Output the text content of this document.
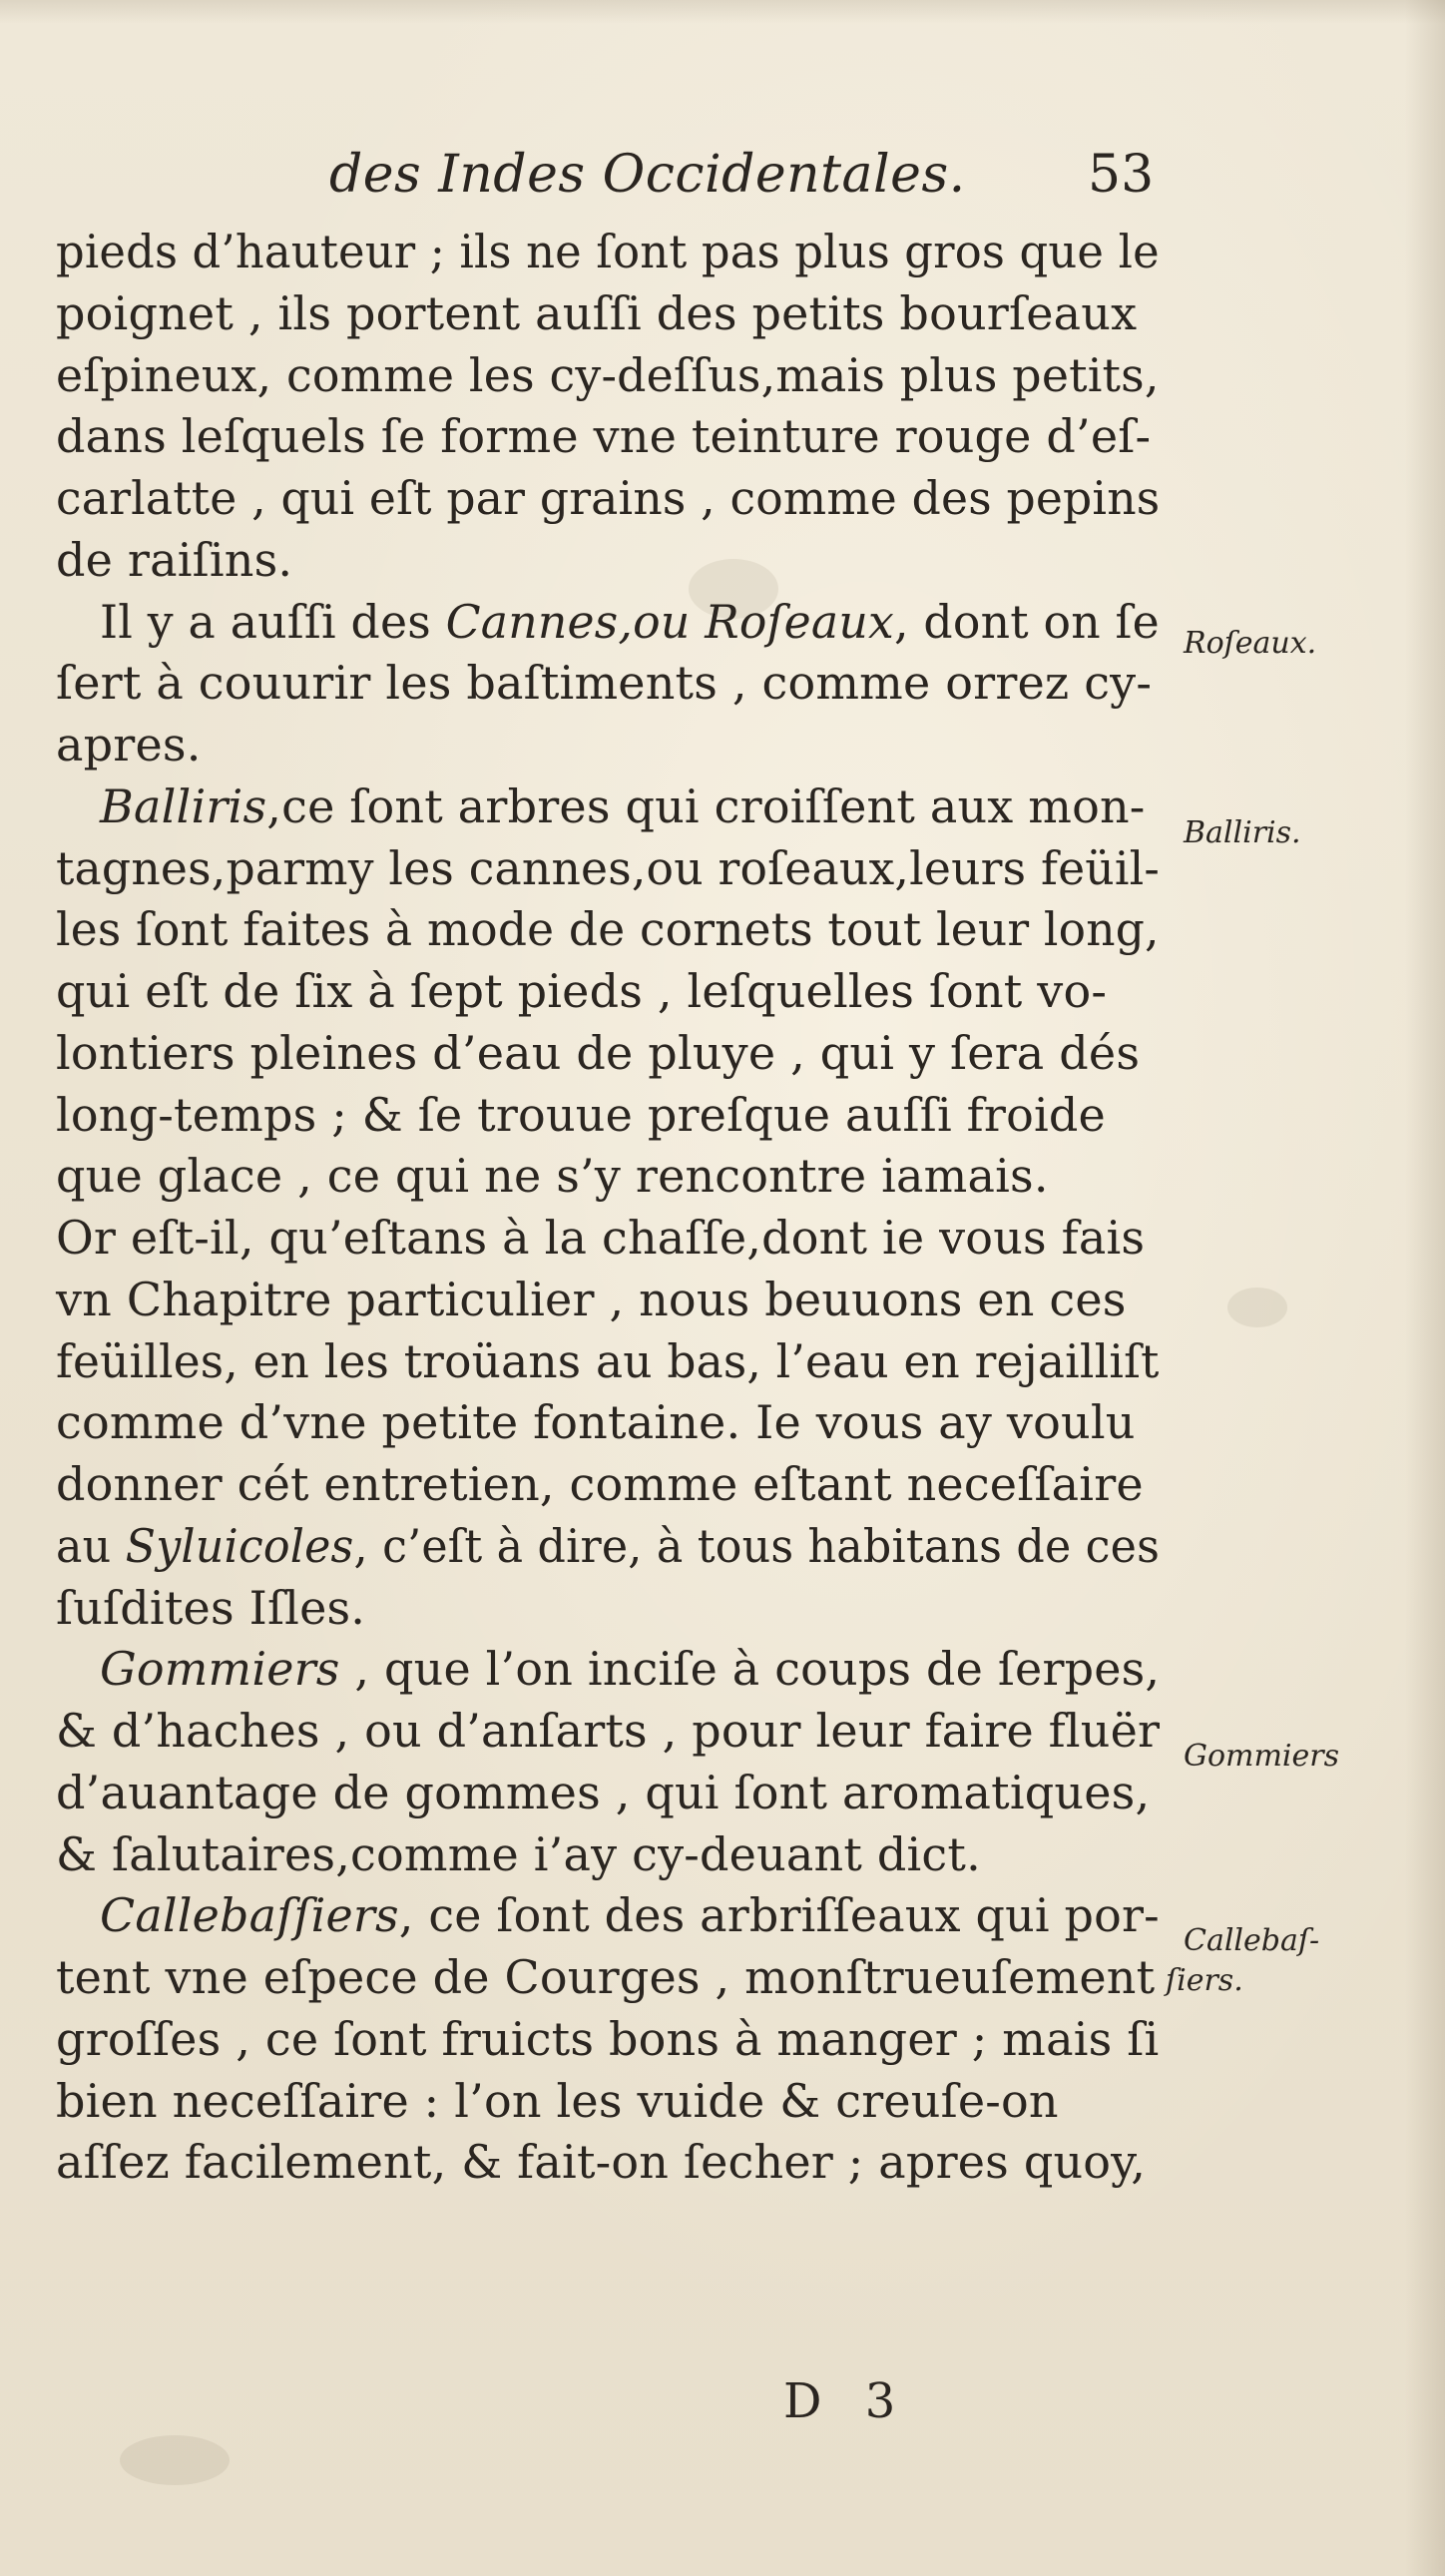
des Indes Occidentales. 53
pieds d’hauteur ; ils ne ſont pas plus gros que le
poignet , ils portent auſſi des petits bourſeaux
eſpineux, comme les cy-deſſus,mais plus petits,
dans leſquels ſe forme vne teinture rouge d’eſ-
carlatte , qui eſt par grains , comme des pepins
de raiſins.
Il y a auſſi des Cannes,ou Roſeaux, dont on ſe
ſert à couurir les baſtiments , comme orrez cy-
apres.
Balliris,ce ſont arbres qui croiſſent aux mon-
tagnes,parmy les cannes,ou roſeaux,leurs feüil-
les ſont faites à mode de cornets tout leur long,
qui eſt de ſix à ſept pieds , leſquelles ſont vo-
lontiers pleines d’eau de pluye , qui y ſera dés
long-temps ; & ſe trouue preſque auſſi froide
que glace , ce qui ne s’y rencontre iamais.
Or eſt-il, qu’eſtans à la chaſſe,dont ie vous fais
vn Chapitre particulier , nous beuuons en ces
feüilles, en les troüans au bas, l’eau en rejailliſt
comme d’vne petite fontaine. Ie vous ay voulu
donner cét entretien, comme eſtant neceſſaire
au Syluicoles, c’eſt à dire, à tous habitans de ces
ſuſdites Iſles.
Gommiers , que l’on inciſe à coups de ſerpes,
& d’haches , ou d’anſarts , pour leur faire fluër
d’auantage de gommes , qui ſont aromatiques,
& ſalutaires,comme i’ay cy-deuant dict.
Callebaſſiers, ce ſont des arbriſſeaux qui por-
tent vne eſpece de Courges , monſtrueuſement
groſſes , ce ſont fruicts bons à manger ; mais ſi
bien neceſſaire : l’on les vuide & creuſe-on
aſſez facilement, & fait-on ſecher ; apres quoy,
Roſeaux.
Balliris.
Gommiers
Callebaſ-
ſiers.
D 3
